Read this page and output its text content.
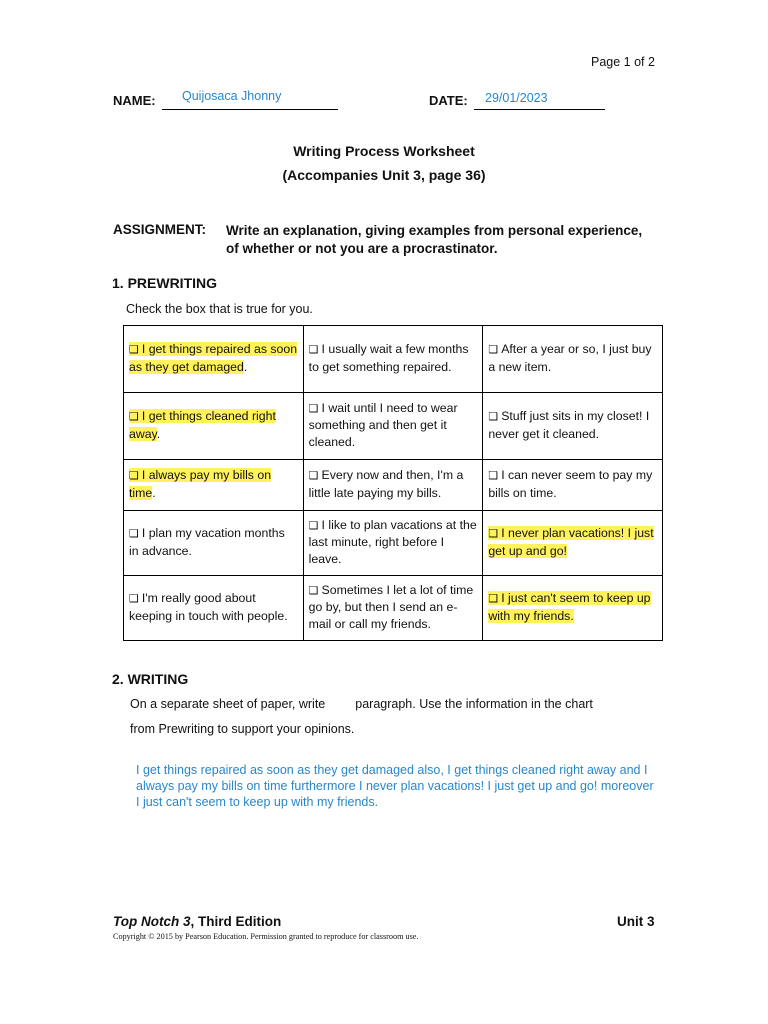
Page 1 of 2
NAME: Quijosaca Jhonny	DATE: 29/01/2023
Writing Process Worksheet
(Accompanies Unit 3, page 36)
ASSIGNMENT: Write an explanation, giving examples from personal experience, of whether or not you are a procrastinator.
1. PREWRITING
Check the box that is true for you.
❏ I get things repaired as soon as they get damaged.	❏ I usually wait a few months to get something repaired.	❏ After a year or so, I just buy a new item.
❏ I get things cleaned right away.	❏ I wait until I need to wear something and then get it cleaned.	❏ Stuff just sits in my closet! I never get it cleaned.
❏ I always pay my bills on time.	❏ Every now and then, I'm a little late paying my bills.	❏ I can never seem to pay my bills on time.
❏ I plan my vacation months in advance.	❏ I like to plan vacations at the last minute, right before I leave.	❏ I never plan vacations! I just get up and go!
❏ I'm really good about keeping in touch with people.	❏ Sometimes I let a lot of time go by, but then I send an e-mail or call my friends.	❏ I just can't seem to keep up with my friends.
2. WRITING
On a separate sheet of paper, write paragraph. Use the information in the chart
from Prewriting to support your opinions.
I get things repaired as soon as they get damaged also, I get things cleaned right away and I always pay my bills on time furthermore I never plan vacations! I just get up and go! moreover I just can't seem to keep up with my friends.
Top Notch 3, Third Edition	Unit 3
Copyright © 2015 by Pearson Education. Permission granted to reproduce for classroom use.
